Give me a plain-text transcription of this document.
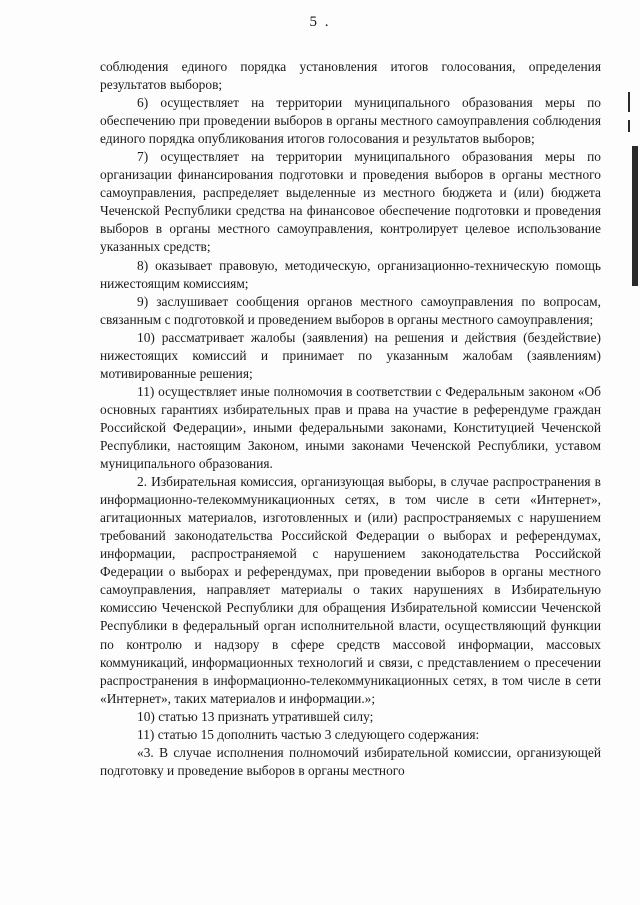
5 .

соблюдения единого порядка установления итогов голосования, определения результатов выборов;

6) осуществляет на территории муниципального образования меры по обеспечению при проведении выборов в органы местного самоуправления соблюдения единого порядка опубликования итогов голосования и результатов выборов;

7) осуществляет на территории муниципального образования меры по организации финансирования подготовки и проведения выборов в органы местного самоуправления, распределяет выделенные из местного бюджета и (или) бюджета Чеченской Республики средства на финансовое обеспечение подготовки и проведения выборов в органы местного самоуправления, контролирует целевое использование указанных средств;

8) оказывает правовую, методическую, организационно-техническую помощь нижестоящим комиссиям;

9) заслушивает сообщения органов местного самоуправления по вопросам, связанным с подготовкой и проведением выборов в органы местного самоуправления;

10) рассматривает жалобы (заявления) на решения и действия (бездействие) нижестоящих комиссий и принимает по указанным жалобам (заявлениям) мотивированные решения;

11) осуществляет иные полномочия в соответствии с Федеральным законом «Об основных гарантиях избирательных прав и права на участие в референдуме граждан Российской Федерации», иными федеральными законами, Конституцией Чеченской Республики, настоящим Законом, иными законами Чеченской Республики, уставом муниципального образования.

2. Избирательная комиссия, организующая выборы, в случае распространения в информационно-телекоммуникационных сетях, в том числе в сети «Интернет», агитационных материалов, изготовленных и (или) распространяемых с нарушением требований законодательства Российской Федерации о выборах и референдумах, информации, распространяемой с нарушением законодательства Российской Федерации о выборах и референдумах, при проведении выборов в органы местного самоуправления, направляет материалы о таких нарушениях в Избирательную комиссию Чеченской Республики для обращения Избирательной комиссии Чеченской Республики в федеральный орган исполнительной власти, осуществляющий функции по контролю и надзору в сфере средств массовой информации, массовых коммуникаций, информационных технологий и связи, с представлением о пресечении распространения в информационно-телекоммуникационных сетях, в том числе в сети «Интернет», таких материалов и информации.»;

10) статью 13 признать утратившей силу;

11) статью 15 дополнить частью 3 следующего содержания:

«3. В случае исполнения полномочий избирательной комиссии, организующей подготовку и проведение выборов в органы местного
